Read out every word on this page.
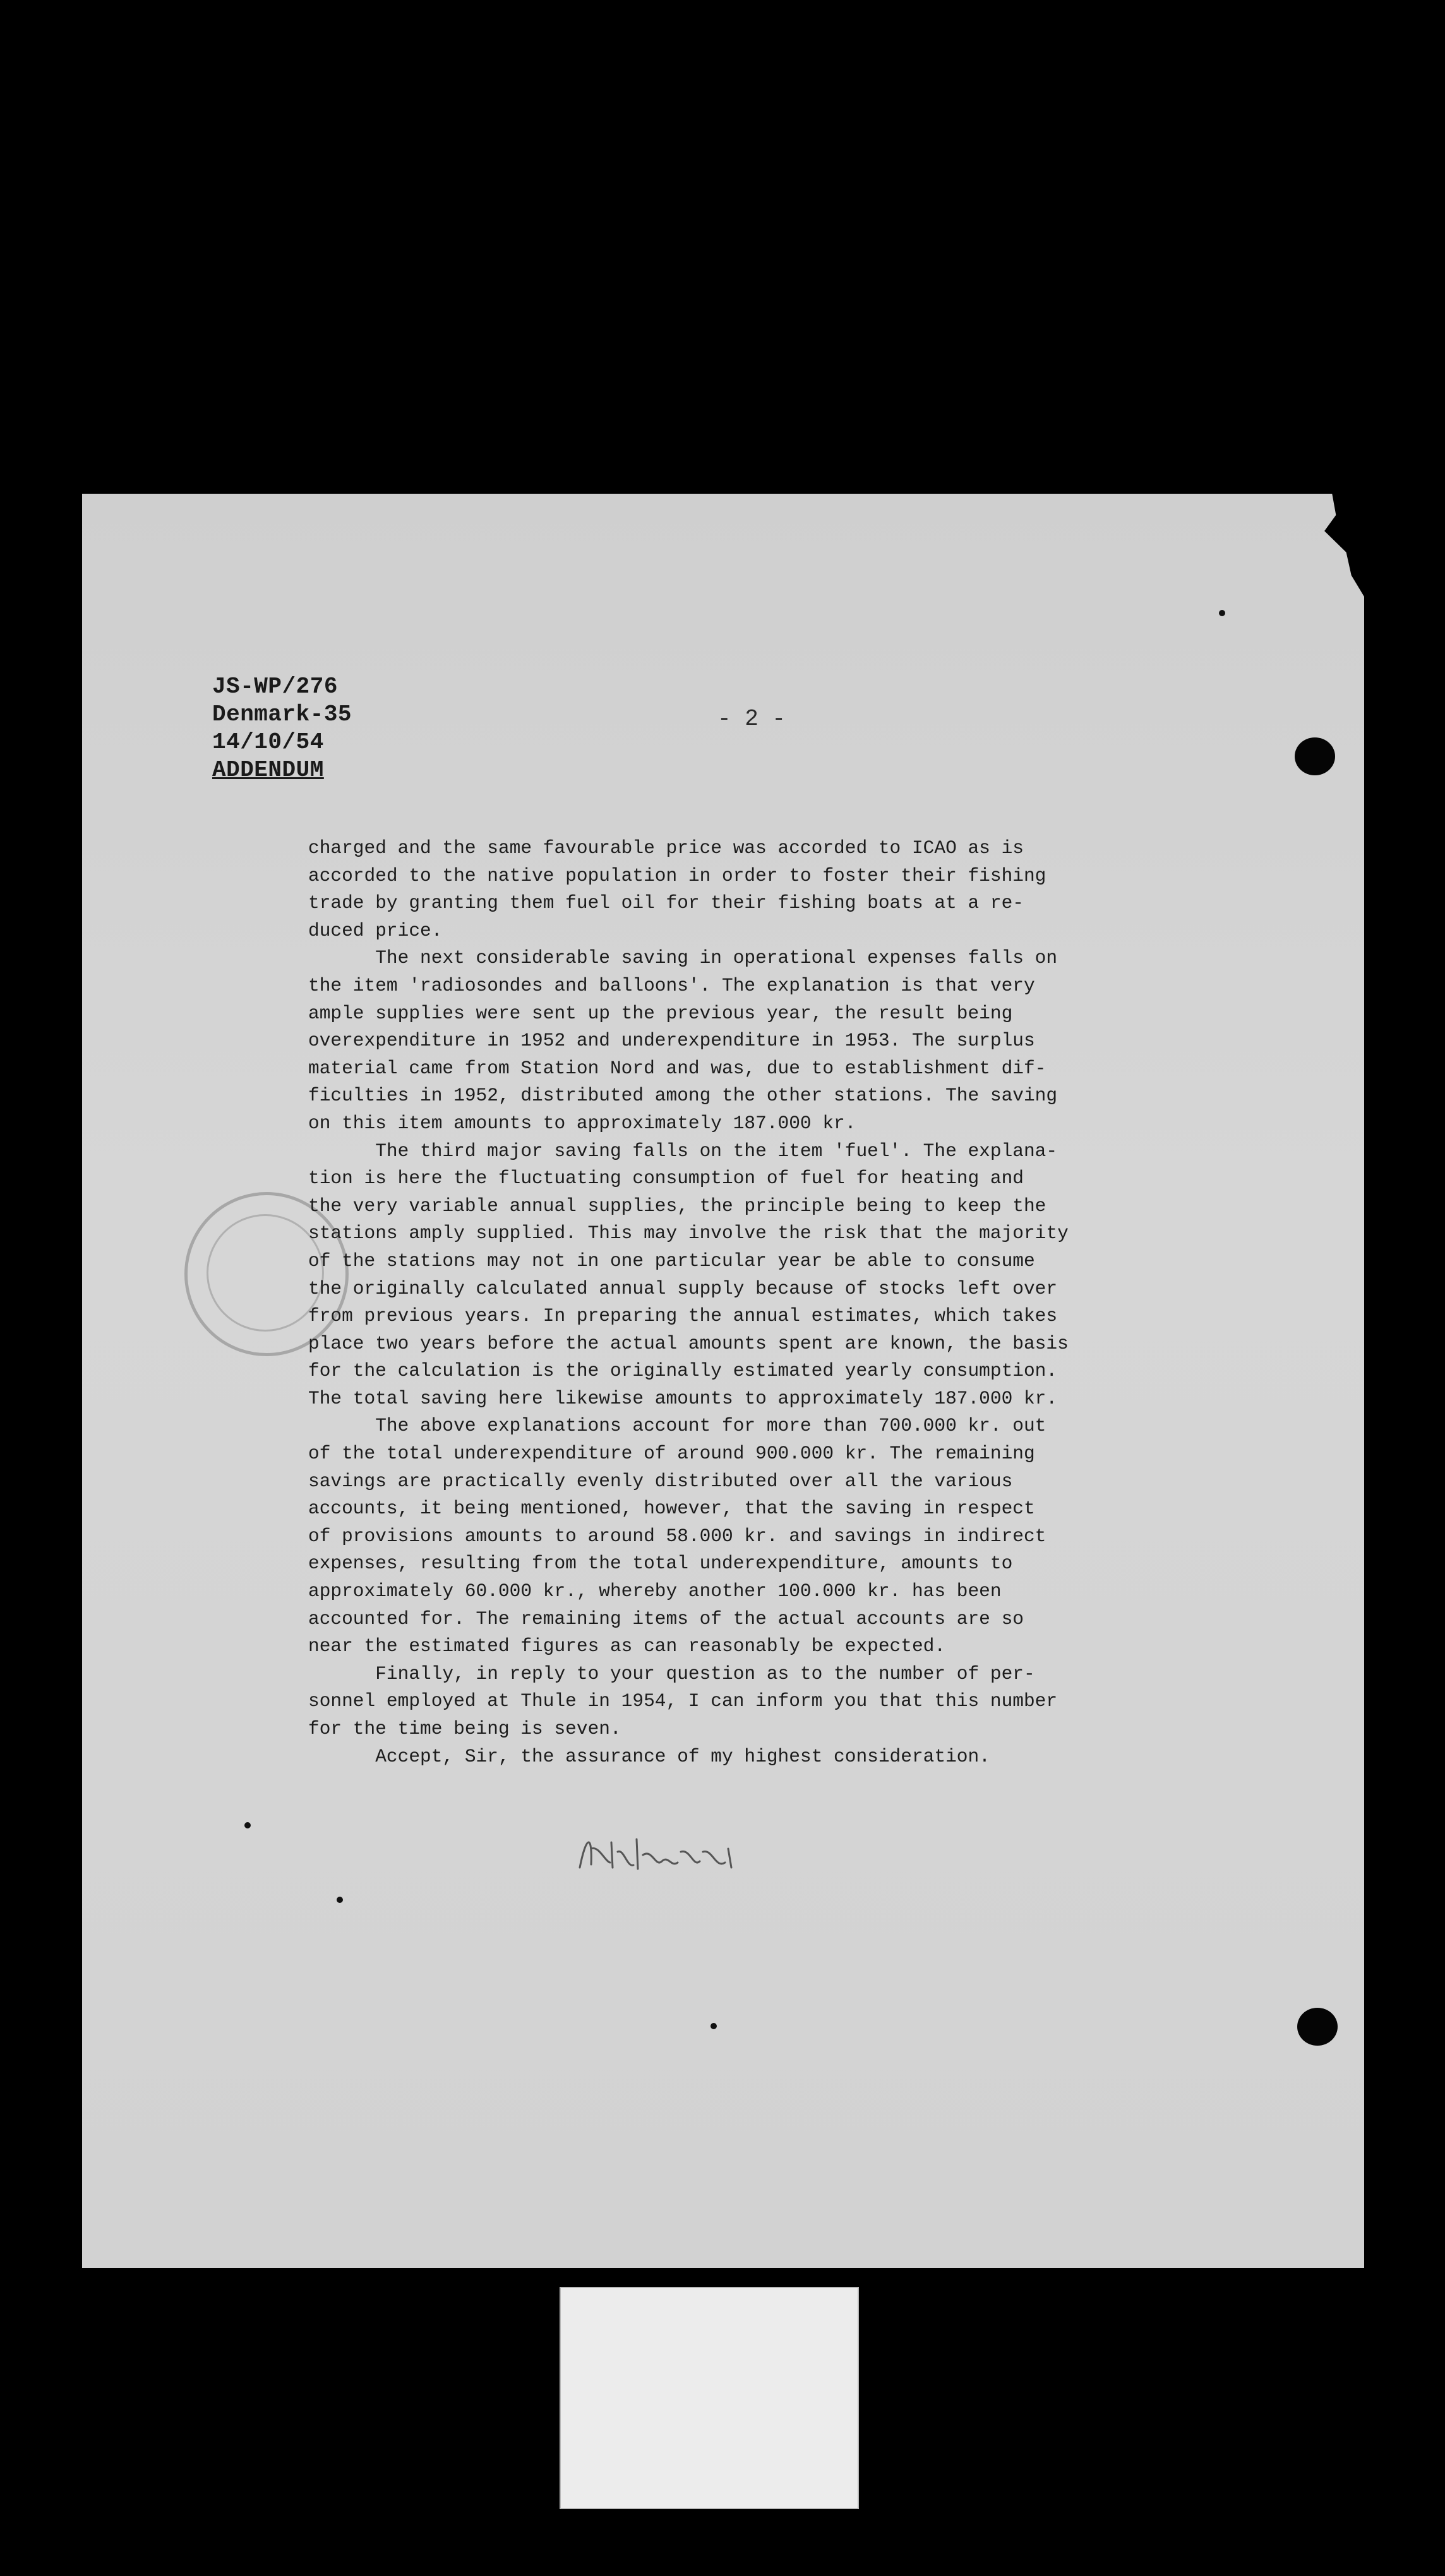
JS-WP/276
Denmark-35
14/10/54
ADDENDUM
- 2 -

charged and the same favourable price was accorded to ICAO as is
accorded to the native population in order to foster their fishing
trade by granting them fuel oil for their fishing boats at a re-
duced price.

The next considerable saving in operational expenses falls on
the item 'radiosondes and balloons'. The explanation is that very
ample supplies were sent up the previous year, the result being
overexpenditure in 1952 and underexpenditure in 1953. The surplus
material came from Station Nord and was, due to establishment dif-
ficulties in 1952, distributed among the other stations. The saving
on this item amounts to approximately 187.000 kr.

The third major saving falls on the item 'fuel'. The explana-
tion is here the fluctuating consumption of fuel for heating and
the very variable annual supplies, the principle being to keep the
stations amply supplied. This may involve the risk that the majority
of the stations may not in one particular year be able to consume
the originally calculated annual supply because of stocks left over
from previous years. In preparing the annual estimates, which takes
place two years before the actual amounts spent are known, the basis
for the calculation is the originally estimated yearly consumption.
The total saving here likewise amounts to approximately 187.000 kr.

The above explanations account for more than 700.000 kr. out
of the total underexpenditure of around 900.000 kr. The remaining
savings are practically evenly distributed over all the various
accounts, it being mentioned, however, that the saving in respect
of provisions amounts to around 58.000 kr. and savings in indirect
expenses, resulting from the total underexpenditure, amounts to
approximately 60.000 kr., whereby another 100.000 kr. has been
accounted for. The remaining items of the actual accounts are so
near the estimated figures as can reasonably be expected.

Finally, in reply to your question as to the number of per-
sonnel employed at Thule in 1954, I can inform you that this number
for the time being is seven.

Accept, Sir, the assurance of my highest consideration.
